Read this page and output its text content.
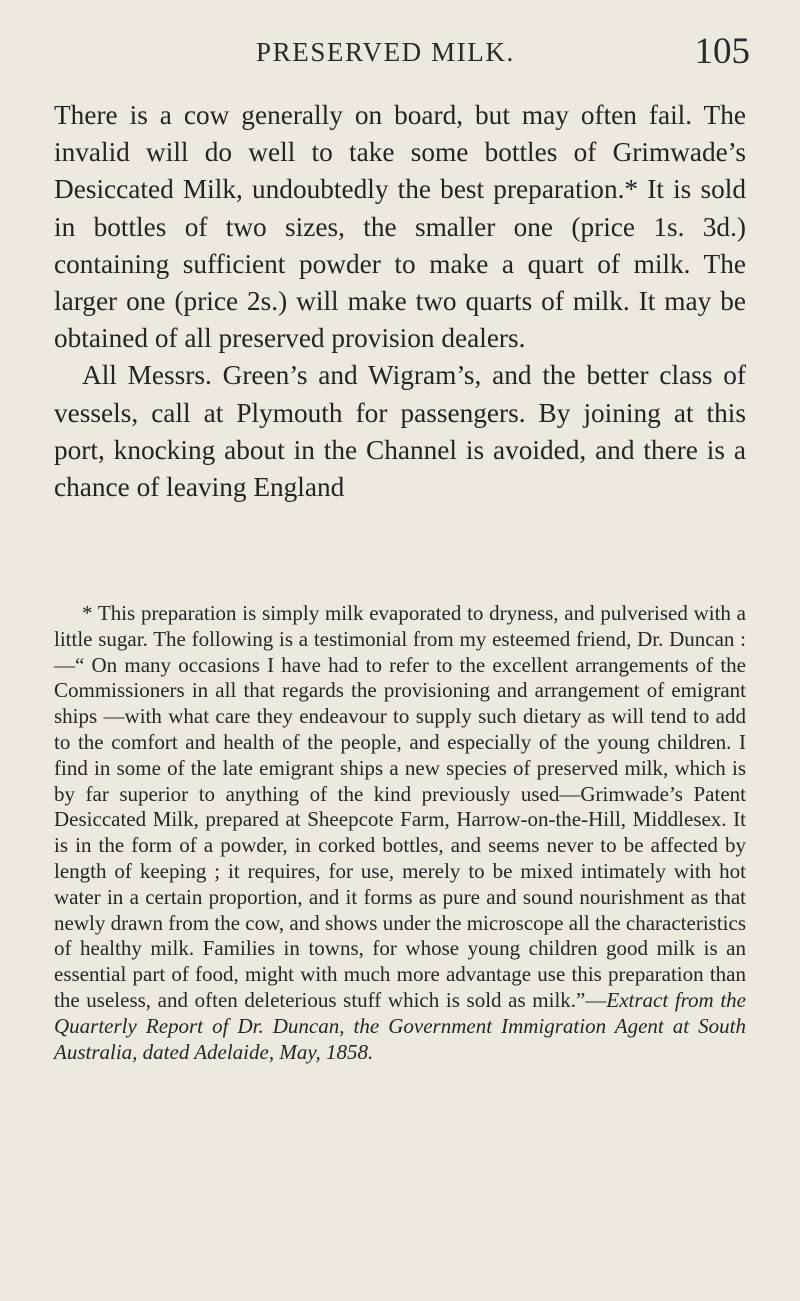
PRESERVED MILK.	105

There is a cow generally on board, but may often fail. The invalid will do well to take some bottles of Grimwade’s Desiccated Milk, undoubtedly the best preparation.* It is sold in bottles of two sizes, the smaller one (price 1s. 3d.) containing sufficient powder to make a quart of milk. The larger one (price 2s.) will make two quarts of milk. It may be obtained of all preserved provision dealers.

All Messrs. Green’s and Wigram’s, and the better class of vessels, call at Plymouth for passengers. By joining at this port, knocking about in the Channel is avoided, and there is a chance of leaving England

* This preparation is simply milk evaporated to dryness, and pulverised with a little sugar. The following is a testimonial from my esteemed friend, Dr. Duncan :—“ On many occasions I have had to refer to the excellent arrangements of the Commissioners in all that regards the provisioning and arrangement of emigrant ships —with what care they endeavour to supply such dietary as will tend to add to the comfort and health of the people, and especially of the young children. I find in some of the late emigrant ships a new species of preserved milk, which is by far superior to anything of the kind previously used—Grimwade’s Patent Desiccated Milk, prepared at Sheepcote Farm, Harrow-on-the-Hill, Middlesex. It is in the form of a powder, in corked bottles, and seems never to be affected by length of keeping ; it requires, for use, merely to be mixed intimately with hot water in a certain proportion, and it forms as pure and sound nourishment as that newly drawn from the cow, and shows under the microscope all the characteristics of healthy milk. Families in towns, for whose young children good milk is an essential part of food, might with much more advantage use this preparation than the useless, and often deleterious stuff which is sold as milk.”—Extract from the Quarterly Report of Dr. Duncan, the Government Immigration Agent at South Australia, dated Adelaide, May, 1858.
